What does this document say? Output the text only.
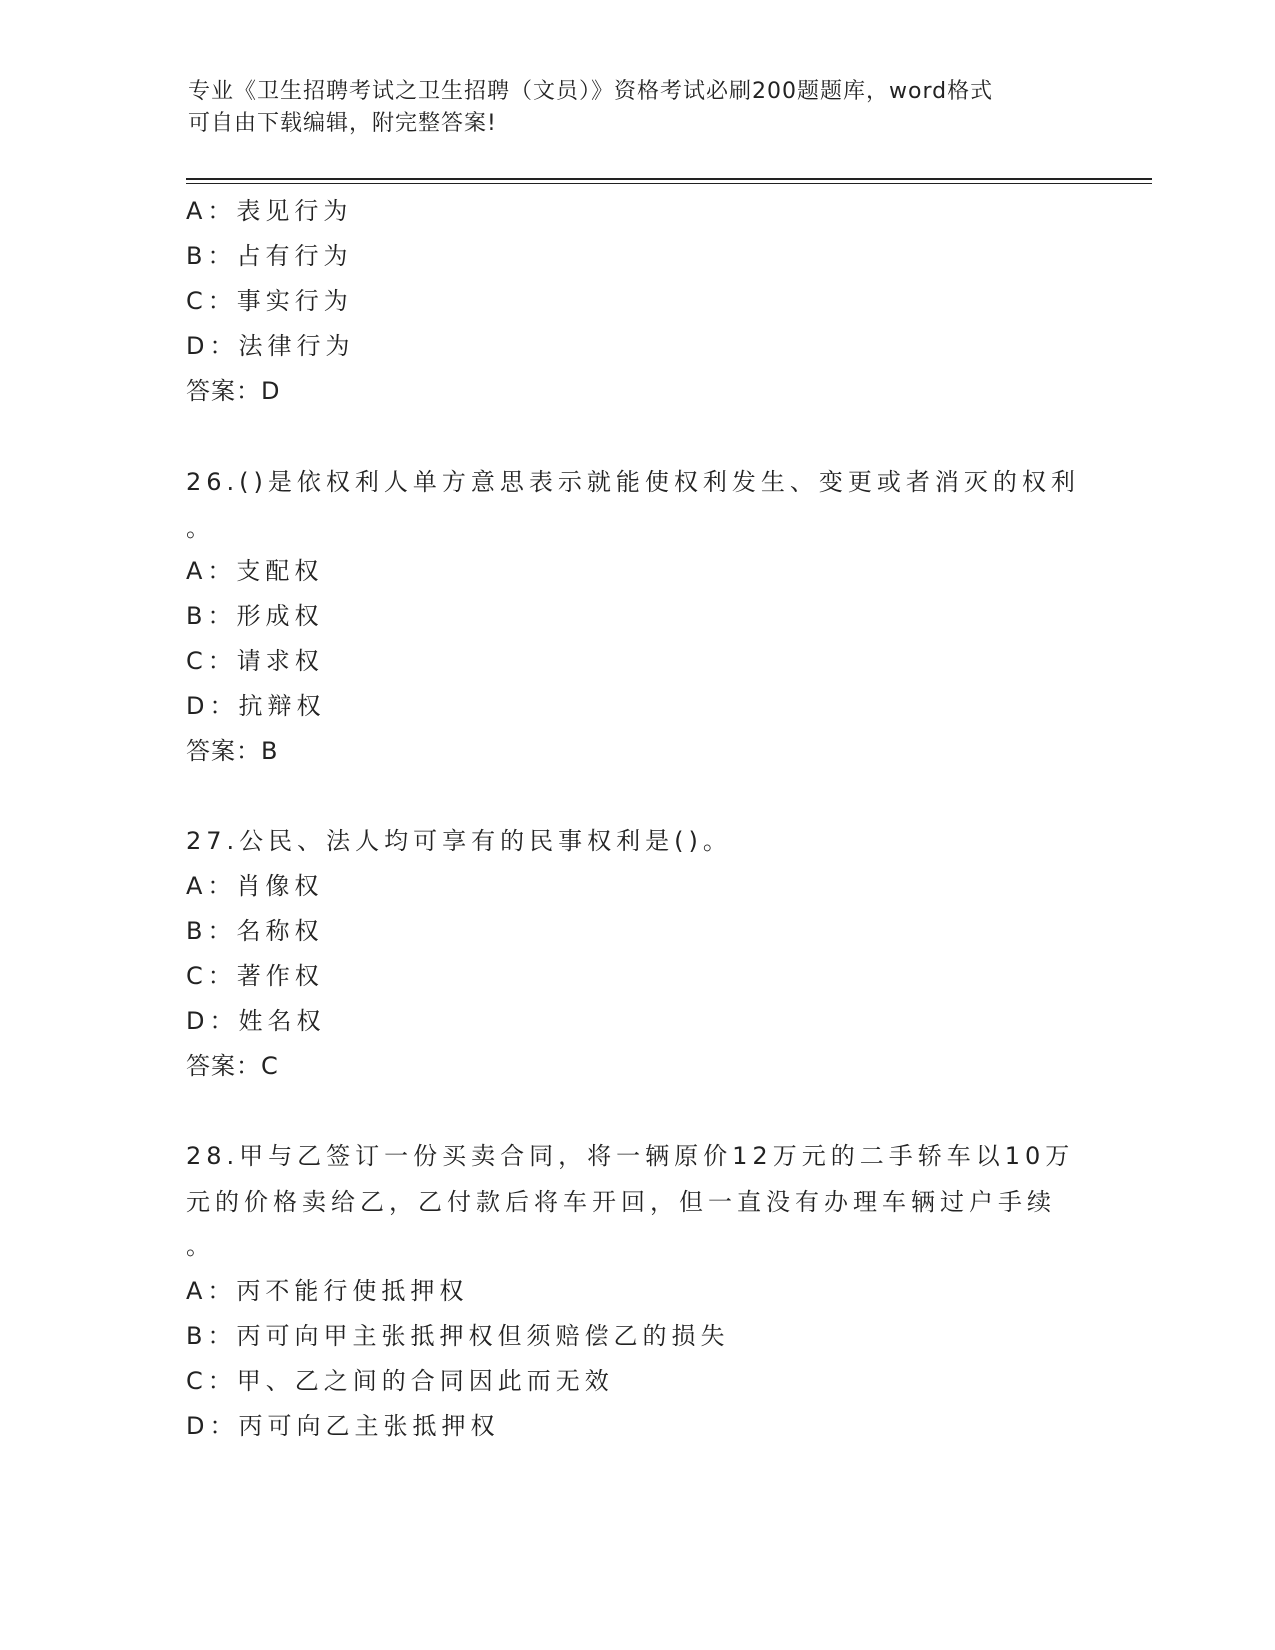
专业《卫生招聘考试之卫生招聘（文员）》资格考试必刷200题题库，word格式
可自由下载编辑，附完整答案!
A：表见行为
B：占有行为
C：事实行为
D：法律行为
答案：D
26.()是依权利人单方意思表示就能使权利发生、变更或者消灭的权利
。
A：支配权
B：形成权
C：请求权
D：抗辩权
答案：B
27.公民、法人均可享有的民事权利是()。
A：肖像权
B：名称权
C：著作权
D：姓名权
答案：C
28.甲与乙签订一份买卖合同，将一辆原价12万元的二手轿车以10万
元的价格卖给乙，乙付款后将车开回，但一直没有办理车辆过户手续
。
A：丙不能行使抵押权
B：丙可向甲主张抵押权但须赔偿乙的损失
C：甲、乙之间的合同因此而无效
D：丙可向乙主张抵押权
